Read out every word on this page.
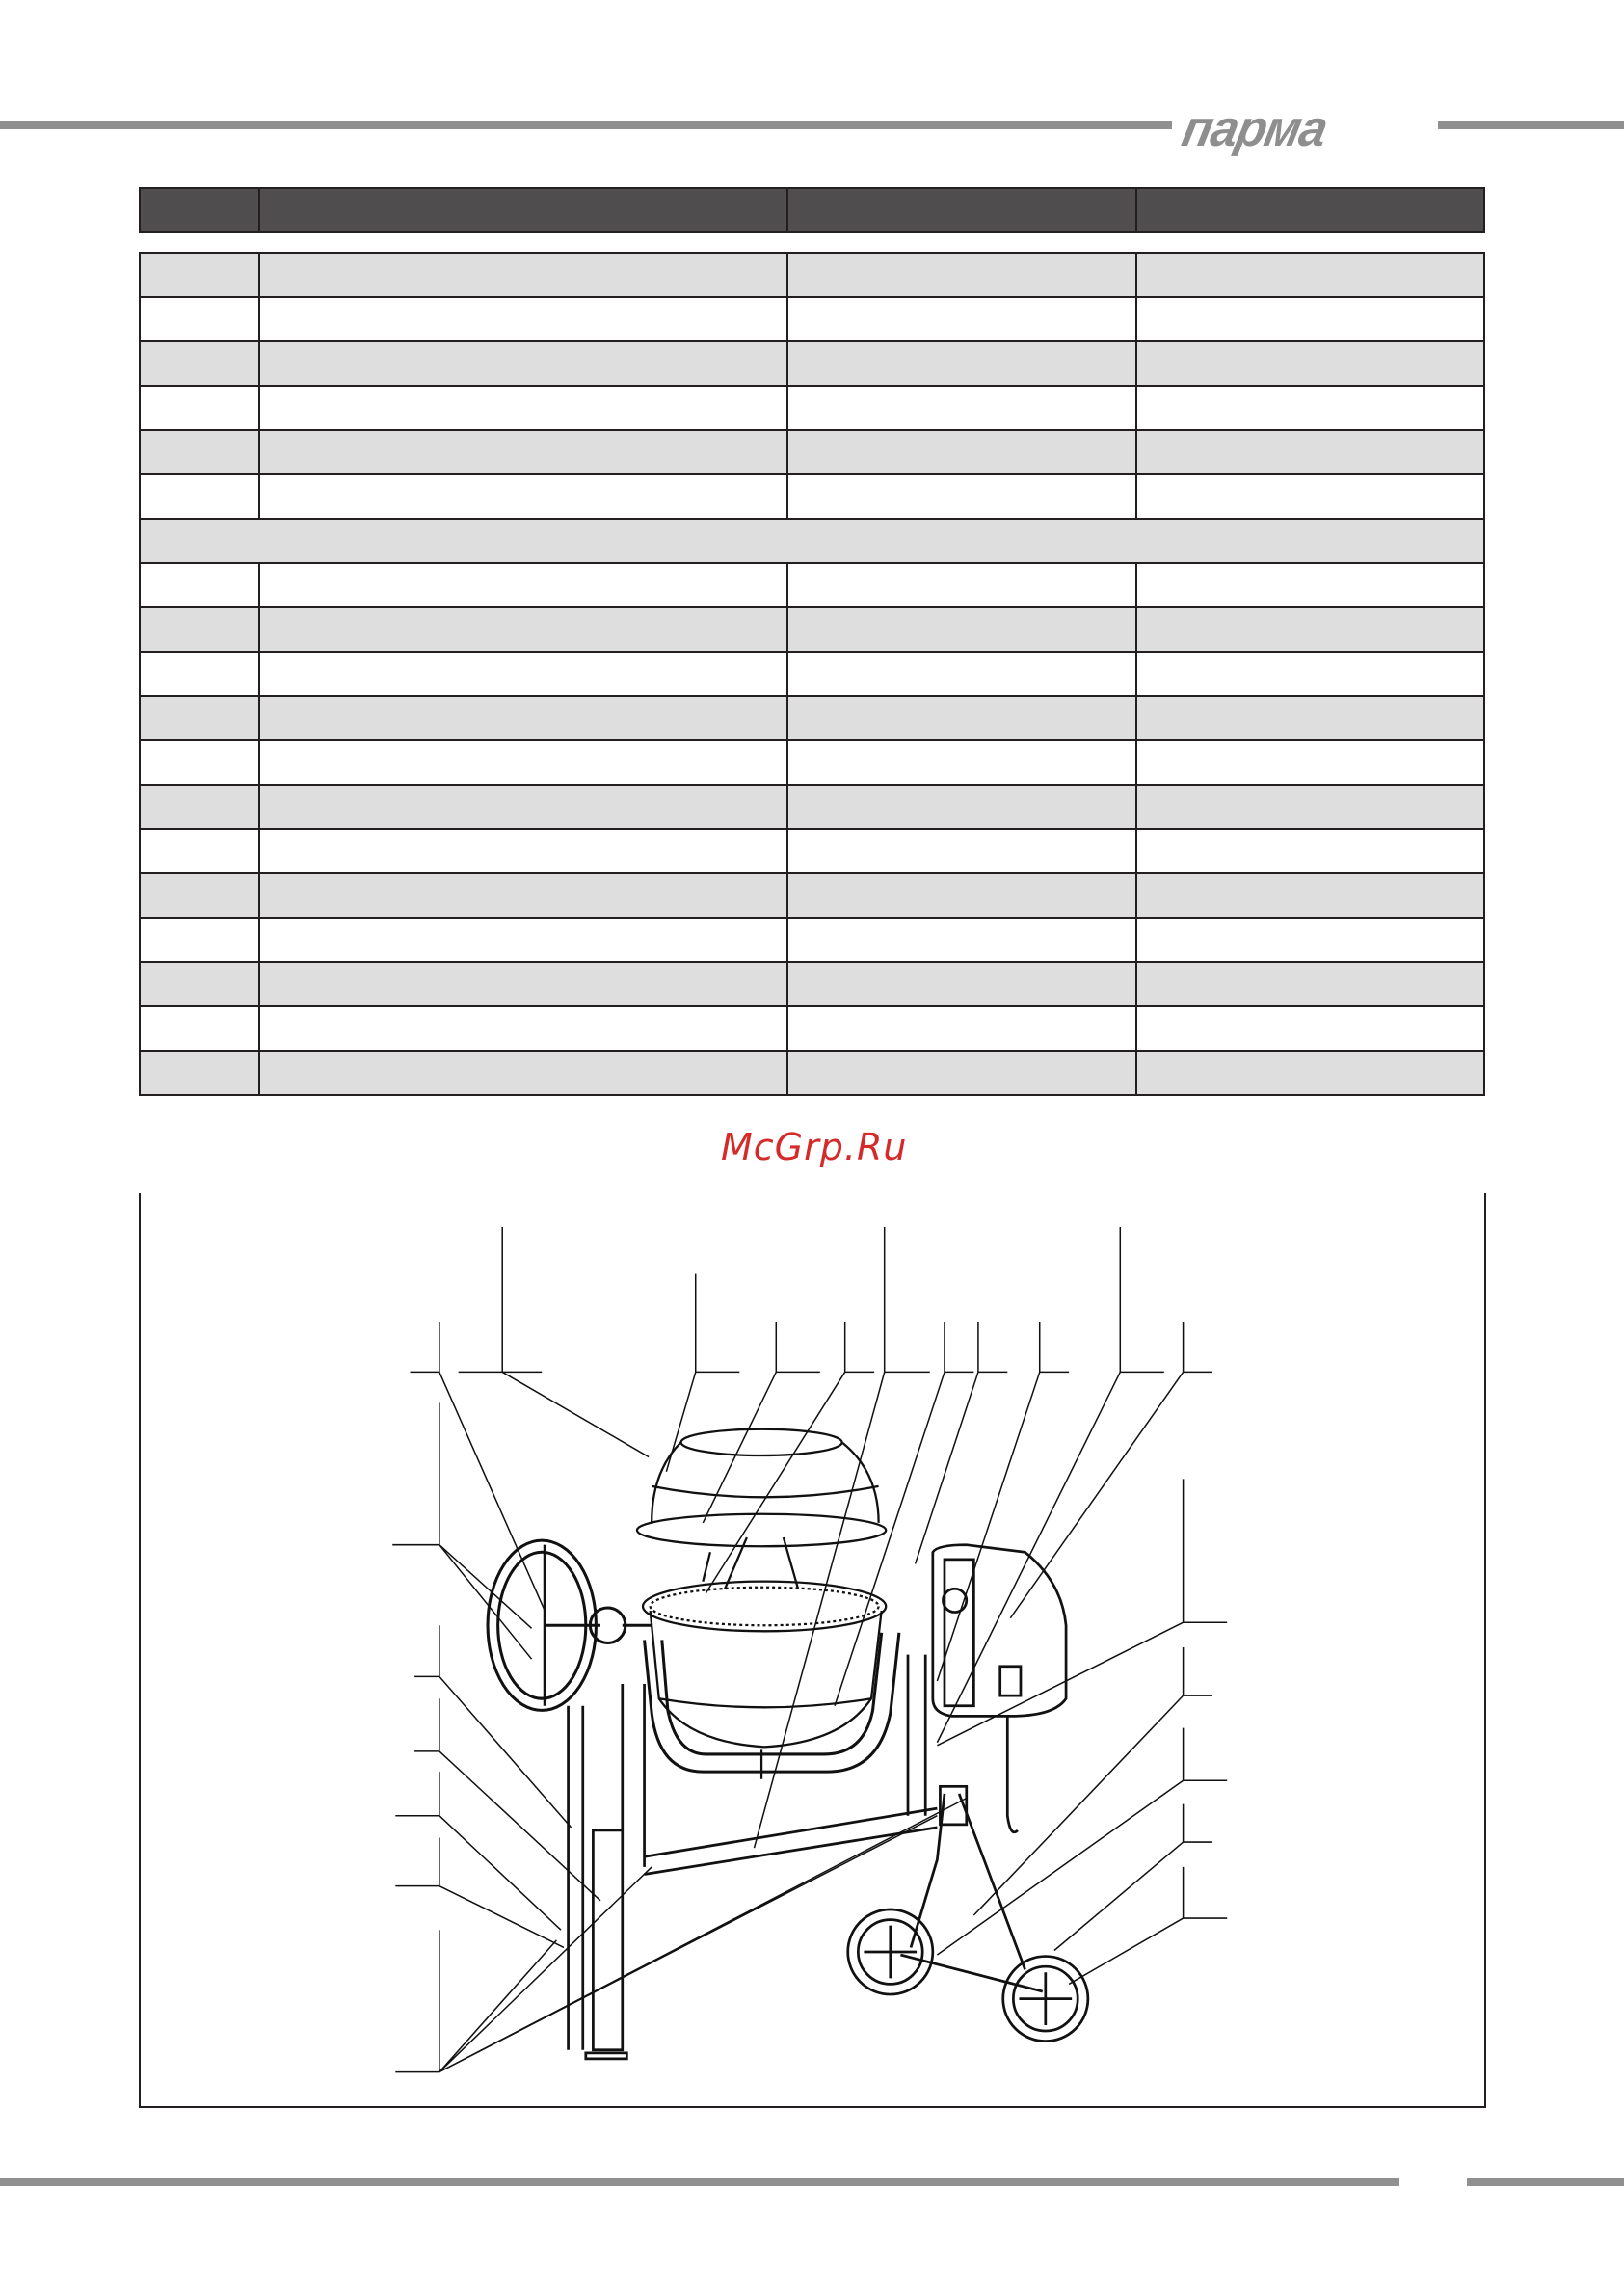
парма

McGrp.Ru
